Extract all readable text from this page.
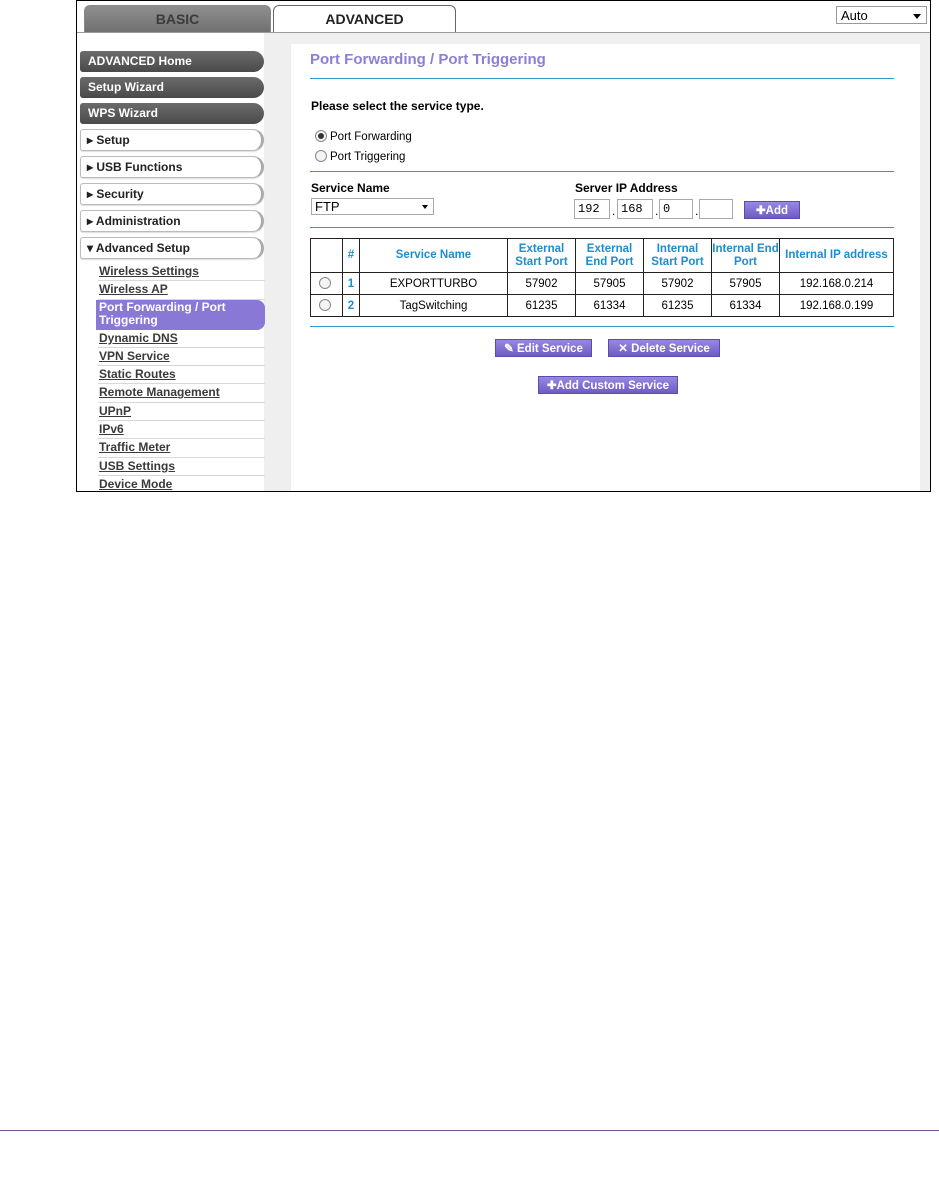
BASIC	ADVANCED	Auto
ADVANCED Home
Setup Wizard
WPS Wizard
▸ Setup
▸ USB Functions
▸ Security
▸ Administration
▾ Advanced Setup
Wireless Settings
Wireless AP
Port Forwarding / Port Triggering
Dynamic DNS
VPN Service
Static Routes
Remote Management
UPnP
IPv6
Traffic Meter
USB Settings
Device Mode
Port Forwarding / Port Triggering
Please select the service type.
Port Forwarding
Port Triggering
Service Name
FTP
Server IP Address
192	. 168	. 0	.	✚Add
	#	Service Name	External Start Port	External End Port	Internal Start Port	Internal End Port	Internal IP address
	1	EXPORTTURBO	57902	57905	57902	57905	192.168.0.214
	2	TagSwitching	61235	61334	61235	61334	192.168.0.199
✎ Edit Service	✕ Delete Service
✚Add Custom Service
